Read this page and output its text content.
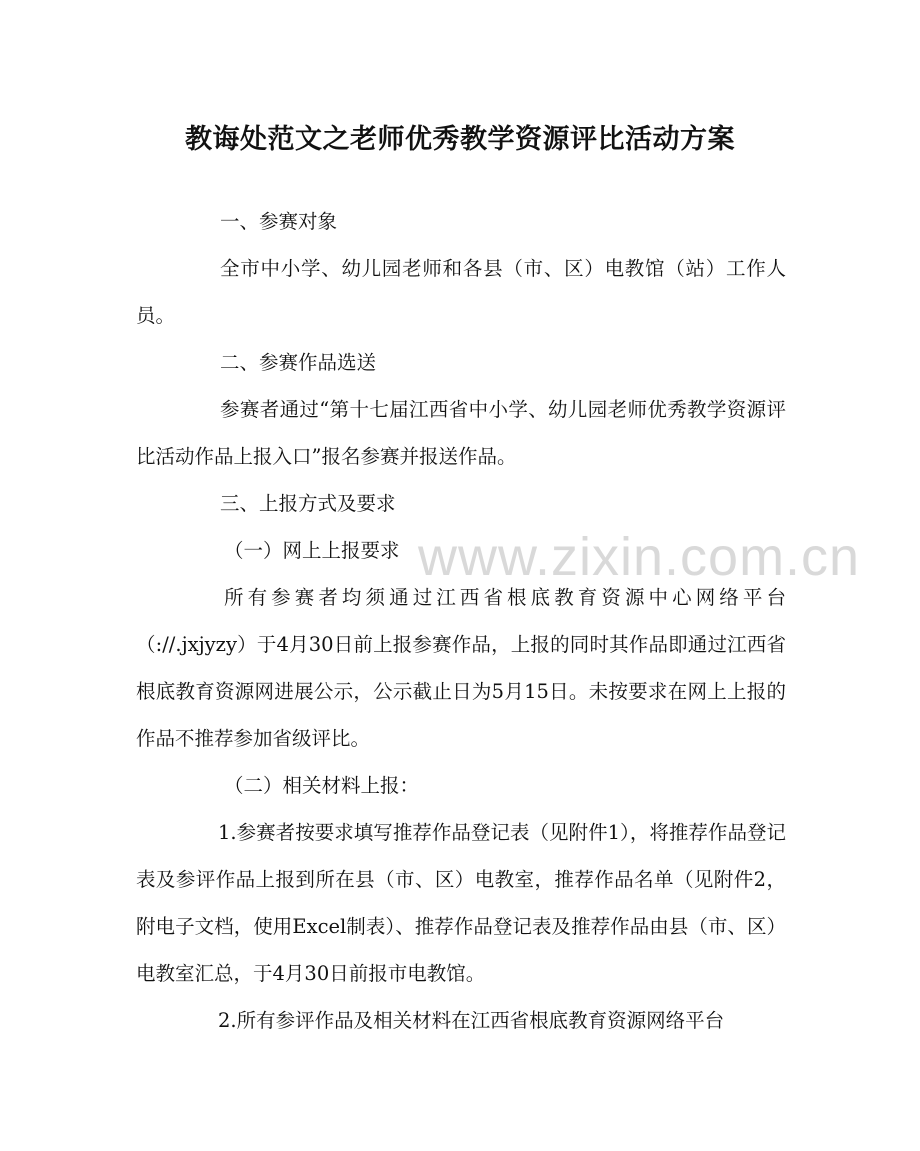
教诲处范文之老师优秀教学资源评比活动方案

一、参赛对象

全市中小学、幼儿园老师和各县（市、区）电教馆（站）工作人员。

二、参赛作品选送

参赛者通过“第十七届江西省中小学、幼儿园老师优秀教学资源评比活动作品上报入口”报名参赛并报送作品。

三、上报方式及要求

（一）网上上报要求

所有参赛者均须通过江西省根底教育资源中心网络平台（://.jxjyzy）于4月30日前上报参赛作品，上报的同时其作品即通过江西省根底教育资源网进展公示，公示截止日为5月15日。未按要求在网上上报的作品不推荐参加省级评比。

（二）相关材料上报：

1.参赛者按要求填写推荐作品登记表（见附件1），将推荐作品登记表及参评作品上报到所在县（市、区）电教室，推荐作品名单（见附件2，附电子文档，使用Excel制表）、推荐作品登记表及推荐作品由县（市、区）电教室汇总，于4月30日前报市电教馆。

2.所有参评作品及相关材料在江西省根底教育资源网络平台

www.zixin.com.cn
